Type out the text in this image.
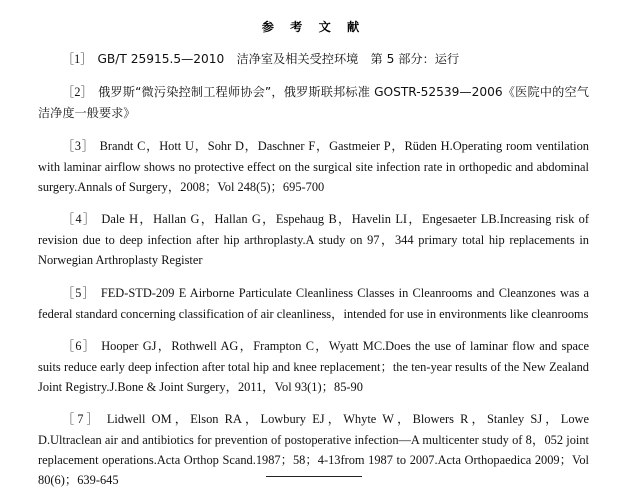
参 考 文 献

［1］ GB/T 25915.5—2010　洁净室及相关受控环境　第 5 部分：运行

［2］ 俄罗斯“微污染控制工程师协会”，俄罗斯联邦标准 GOSTR-52539—2006《医院中的空气洁净度一般要求》

［3］ Brandt C，Hott U，Sohr D，Daschner F，Gastmeier P，Rüden H.Operating room ventilation with laminar airflow shows no protective effect on the surgical site infection rate in orthopedic and abdominal surgery.Annals of Surgery，2008；Vol 248(5)；695-700

［4］ Dale H，Hallan G，Hallan G，Espehaug B，Havelin LI，Engesaeter LB.Increasing risk of revision due to deep infection after hip arthroplasty.A study on 97，344 primary total hip replacements in Norwegian Arthroplasty Register

［5］ FED-STD-209 E Airborne Particulate Cleanliness Classes in Cleanrooms and Cleanzones was a federal standard concerning classification of air cleanliness，intended for use in environments like cleanrooms

［6］ Hooper GJ，Rothwell AG，Frampton C，Wyatt MC.Does the use of laminar flow and space suits reduce early deep infection after total hip and knee replacement；the ten-year results of the New Zealand Joint Registry.J.Bone & Joint Surgery，2011，Vol 93(1)；85-90

［7］ Lidwell OM，Elson RA，Lowbury EJ，Whyte W，Blowers R，Stanley SJ，Lowe D.Ultraclean air and antibiotics for prevention of postoperative infection—A multicenter study of 8，052 joint replacement operations.Acta Orthop Scand.1987；58；4-13from 1987 to 2007.Acta Orthopaedica 2009；Vol 80(6)；639-645
